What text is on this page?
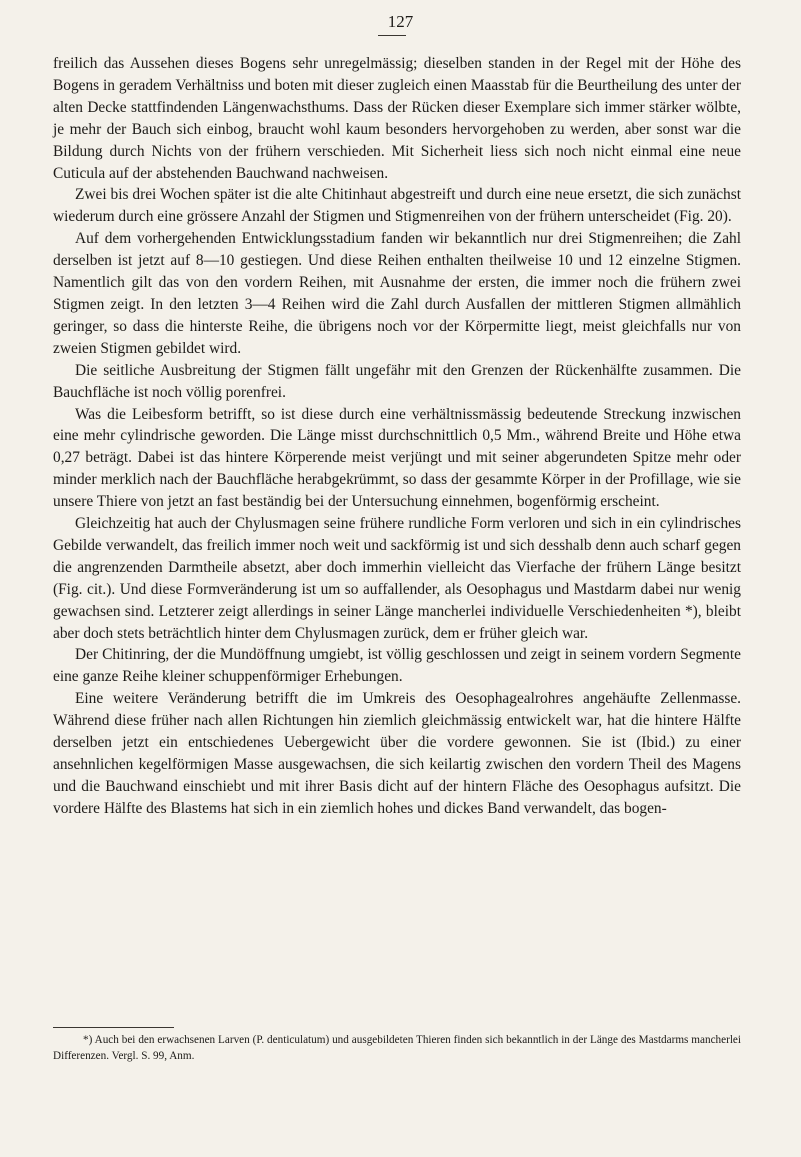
127

freilich das Aussehen dieses Bogens sehr unregelmässig; dieselben standen in der Regel mit der Höhe des Bogens in geradem Verhältniss und boten mit dieser zugleich einen Maasstab für die Beurtheilung des unter der alten Decke stattfindenden Längenwachsthums. Dass der Rücken dieser Exemplare sich immer stärker wölbte, je mehr der Bauch sich einbog, braucht wohl kaum besonders hervorgehoben zu werden, aber sonst war die Bildung durch Nichts von der frühern verschieden. Mit Sicherheit liess sich noch nicht einmal eine neue Cuticula auf der abstehenden Bauchwand nachweisen.

Zwei bis drei Wochen später ist die alte Chitinhaut abgestreift und durch eine neue ersetzt, die sich zunächst wiederum durch eine grössere Anzahl der Stigmen und Stigmenreihen von der frühern unterscheidet (Fig. 20).

Auf dem vorhergehenden Entwicklungsstadium fanden wir bekanntlich nur drei Stigmenreihen; die Zahl derselben ist jetzt auf 8—10 gestiegen. Und diese Reihen enthalten theilweise 10 und 12 einzelne Stigmen. Namentlich gilt das von den vordern Reihen, mit Ausnahme der ersten, die immer noch die frühern zwei Stigmen zeigt. In den letzten 3—4 Reihen wird die Zahl durch Ausfallen der mittleren Stigmen allmählich geringer, so dass die hinterste Reihe, die übrigens noch vor der Körpermitte liegt, meist gleichfalls nur von zweien Stigmen gebildet wird.

Die seitliche Ausbreitung der Stigmen fällt ungefähr mit den Grenzen der Rückenhälfte zusammen. Die Bauchfläche ist noch völlig porenfrei.

Was die Leibesform betrifft, so ist diese durch eine verhältnissmässig bedeutende Streckung inzwischen eine mehr cylindrische geworden. Die Länge misst durchschnittlich 0,5 Mm., während Breite und Höhe etwa 0,27 beträgt. Dabei ist das hintere Körperende meist verjüngt und mit seiner abgerundeten Spitze mehr oder minder merklich nach der Bauchfläche herabgekrümmt, so dass der gesammte Körper in der Profillage, wie sie unsere Thiere von jetzt an fast beständig bei der Untersuchung einnehmen, bogenförmig erscheint.

Gleichzeitig hat auch der Chylusmagen seine frühere rundliche Form verloren und sich in ein cylindrisches Gebilde verwandelt, das freilich immer noch weit und sackförmig ist und sich desshalb denn auch scharf gegen die angrenzenden Darmtheile absetzt, aber doch immerhin vielleicht das Vierfache der frühern Länge besitzt (Fig. cit.). Und diese Formveränderung ist um so auffallender, als Oesophagus und Mastdarm dabei nur wenig gewachsen sind. Letzterer zeigt allerdings in seiner Länge mancherlei individuelle Verschiedenheiten *), bleibt aber doch stets beträchtlich hinter dem Chylusmagen zurück, dem er früher gleich war.

Der Chitinring, der die Mundöffnung umgiebt, ist völlig geschlossen und zeigt in seinem vordern Segmente eine ganze Reihe kleiner schuppenförmiger Erhebungen.

Eine weitere Veränderung betrifft die im Umkreis des Oesophagealrohres angehäufte Zellenmasse. Während diese früher nach allen Richtungen hin ziemlich gleichmässig entwickelt war, hat die hintere Hälfte derselben jetzt ein entschiedenes Uebergewicht über die vordere gewonnen. Sie ist (Ibid.) zu einer ansehnlichen kegelförmigen Masse ausgewachsen, die sich keilartig zwischen den vordern Theil des Magens und die Bauchwand einschiebt und mit ihrer Basis dicht auf der hintern Fläche des Oesophagus aufsitzt. Die vordere Hälfte des Blastems hat sich in ein ziemlich hohes und dickes Band verwandelt, das bogen-

*) Auch bei den erwachsenen Larven (P. denticulatum) und ausgebildeten Thieren finden sich bekanntlich in der Länge des Mastdarms mancherlei Differenzen. Vergl. S. 99, Anm.
